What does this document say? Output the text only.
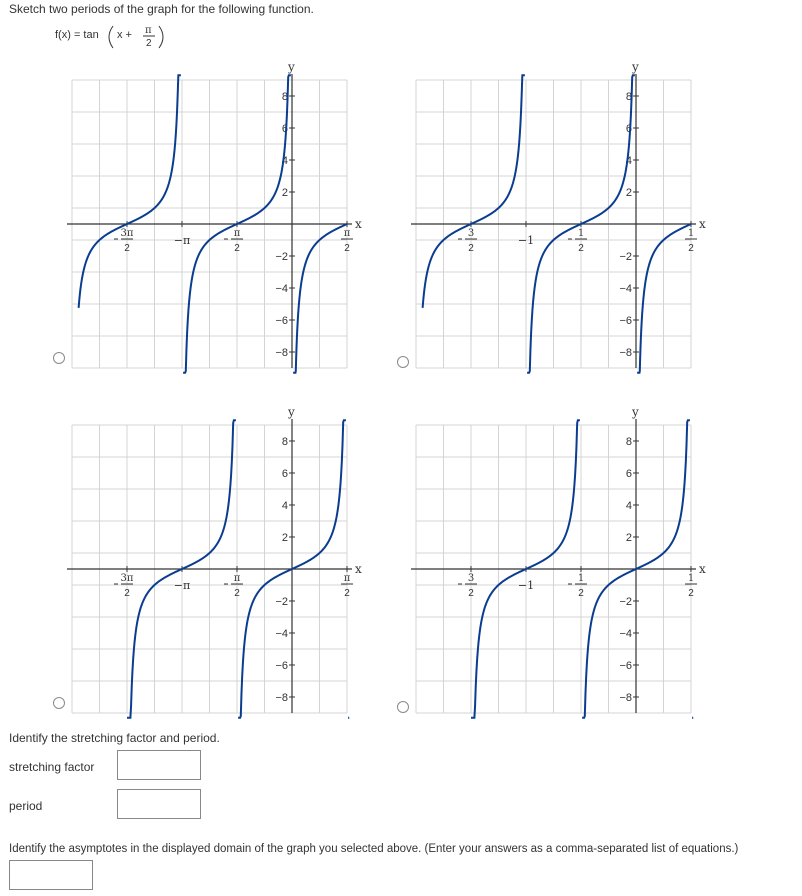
Sketch two periods of the graph for the following function.
f(x) = tan x + π
2
y
x
8
6
4
2
−2
−4
−6
−8
3π
2
−π
π
2
π
2
y
x
8
6
4
2
−2
−4
−6
−8
3
2
−1
1
2
1
2
y
x
8
6
4
2
−2
−4
−6
−8
3π
2
−π
π
2
π
2
y
x
8
6
4
2
−2
−4
−6
−8
3
2
−1
1
2
1
2
Identify the stretching factor and period.
stretching factor
period
Identify the asymptotes in the displayed domain of the graph you selected above. (Enter your answers as a comma-separated list of equations.)
